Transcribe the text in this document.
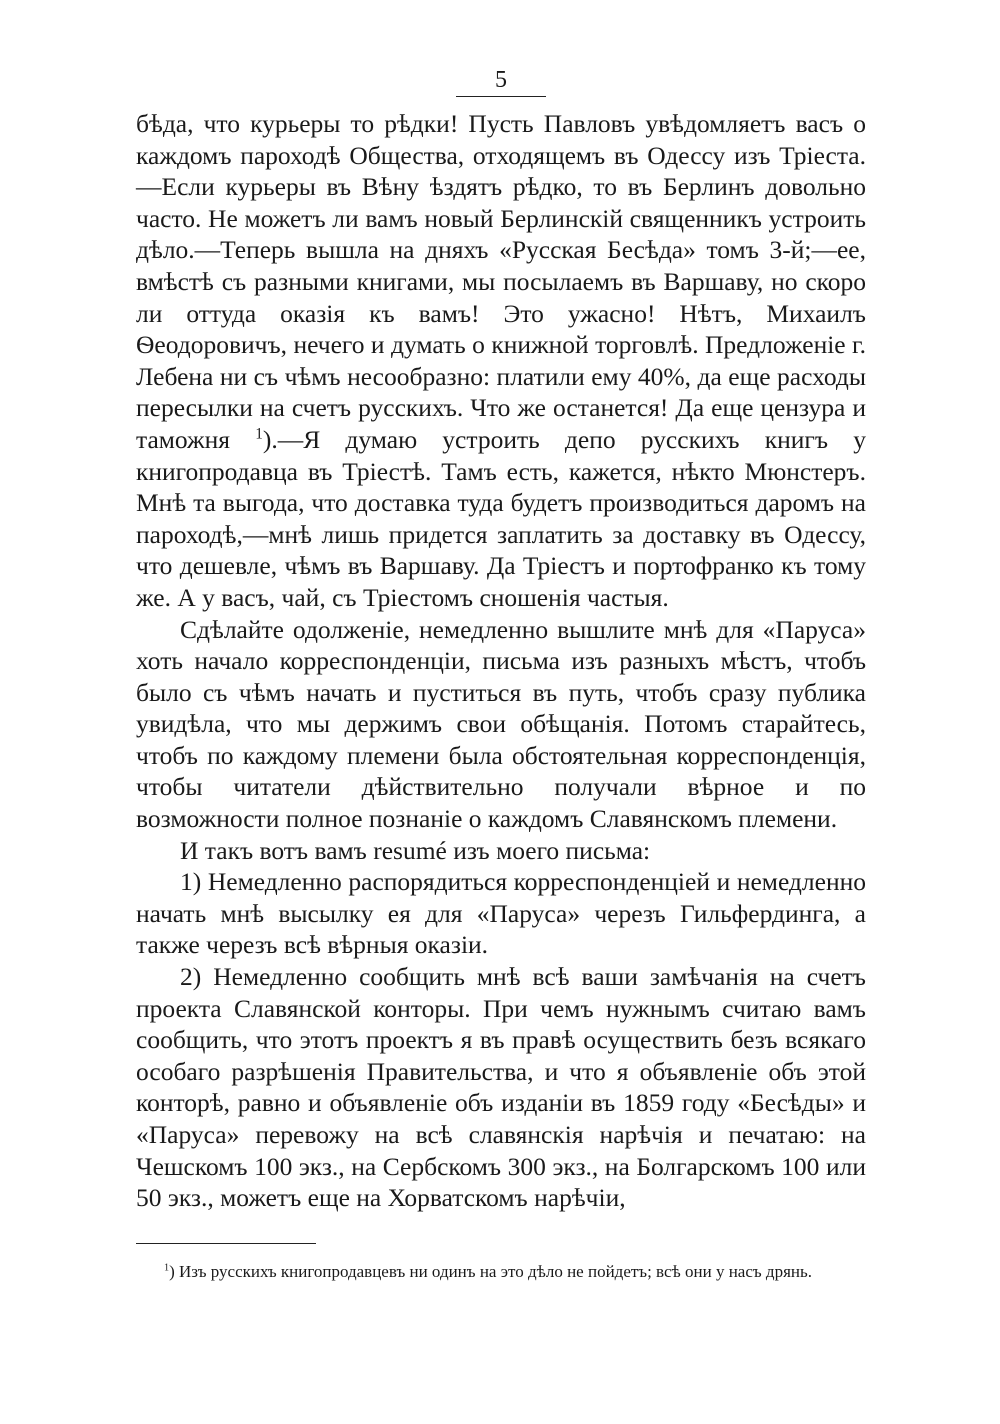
5

бѣда, что курьеры то рѣдки! Пусть Павловъ увѣдомляетъ васъ о каждомъ пароходѣ Общества, отходящемъ въ Одессу изъ Тріеста.—Если курьеры въ Вѣну ѣздятъ рѣдко, то въ Берлинъ довольно часто. Не можетъ ли вамъ новый Берлинскій священникъ устроить дѣло.—Теперь вышла на дняхъ «Русская Бесѣда» томъ 3-й;—ее, вмѣстѣ съ разными книгами, мы посылаемъ въ Варшаву, но скоро ли оттуда оказія къ вамъ! Это ужасно! Нѣтъ, Михаилъ Ѳеодоровичъ, нечего и думать о книжной торговлѣ. Предложеніе г. Лебена ни съ чѣмъ несообразно: платили ему 40%, да еще расходы пересылки на счетъ русскихъ. Что же останется! Да еще цензура и таможня $^1$).—Я думаю устроить депо русскихъ книгъ у книгопродавца въ Тріестѣ. Тамъ есть, кажется, нѣкто Мюнстеръ. Мнѣ та выгода, что доставка туда будетъ производиться даромъ на пароходѣ,—мнѣ лишь придется заплатить за доставку въ Одессу, что дешевле, чѣмъ въ Варшаву. Да Тріестъ и портофранко къ тому же. А у васъ, чай, съ Тріестомъ сношенія частыя.

Сдѣлайте одолженіе, немедленно вышлите мнѣ для «Паруса» хоть начало корреспонденціи, письма изъ разныхъ мѣстъ, чтобъ было съ чѣмъ начать и пуститься въ путь, чтобъ сразу публика увидѣла, что мы держимъ свои обѣщанія. Потомъ старайтесь, чтобъ по каждому племени была обстоятельная корреспонденція, чтобы читатели дѣйствительно получали вѣрное и по возможности полное познаніе о каждомъ Славянскомъ племени.

И такъ вотъ вамъ resumé изъ моего письма:

1) Немедленно распорядиться корреспонденціей и немедленно начать мнѣ высылку ея для «Паруса» черезъ Гильфердинга, а также черезъ всѣ вѣрныя оказіи.

2) Немедленно сообщить мнѣ всѣ ваши замѣчанія на счетъ проекта Славянской конторы. При чемъ нужнымъ считаю вамъ сообщить, что этотъ проектъ я въ правѣ осуществить безъ всякаго особаго разрѣшенія Правительства, и что я объявленіе объ этой конторѣ, равно и объявленіе объ изданіи въ 1859 году «Бесѣды» и «Паруса» перевожу на всѣ славянскія нарѣчія и печатаю: на Чешскомъ 100 экз., на Сербскомъ 300 экз., на Болгарскомъ 100 или 50 экз., можетъ еще на Хорватскомъ нарѣчіи,

$^1$) Изъ русскихъ книгопродавцевъ ни одинъ на это дѣло не пойдетъ; всѣ они у насъ дрянь.
